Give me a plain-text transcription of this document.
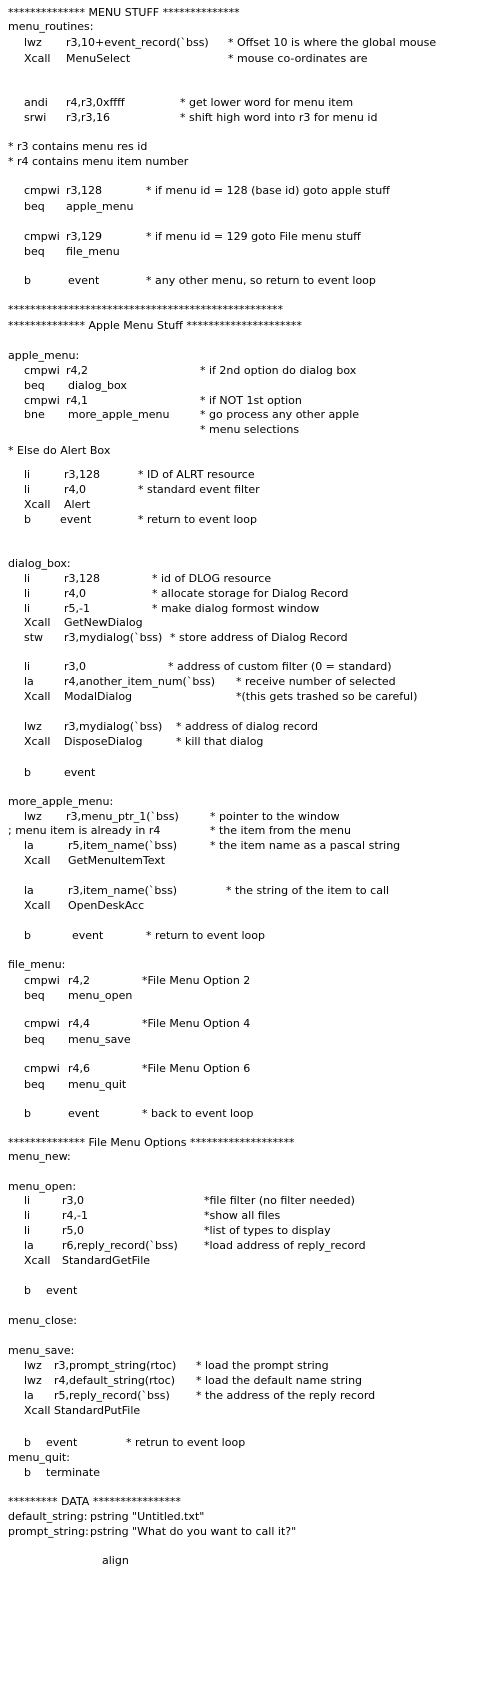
************** MENU STUFF **************
menu_routines:
lwz r3,10+event_record(`bss) * Offset 10 is where the global mouse
Xcall MenuSelect	* mouse co-ordinates are
andi r4,r3,0xffff	* get lower word for menu item
srwi r3,r3,16	* shift high word into r3 for menu id
* r3 contains menu res id
* r4 contains menu item number
cmpwi r3,128	* if menu id = 128 (base id) goto apple stuff
beq apple_menu
cmpwi r3,129	* if menu id = 129 goto File menu stuff
beq file_menu
b	event	* any other menu, so return to event loop
**************************************************
************** Apple Menu Stuff *********************
apple_menu:
cmpwi r4,2	* if 2nd option do dialog box
beq dialog_box
cmpwi r4,1	* if NOT 1st option
bne more_apple_menu	* go process any other apple
* menu selections
* Else do Alert Box
li	r3,128	* ID of ALRT resource
li	r4,0	* standard event filter
Xcall Alert
b	event	* return to event loop
dialog_box:
li	r3,128	* id of DLOG resource
li	r4,0	* allocate storage for Dialog Record
li	r5,-1	* make dialog formost window
Xcall GetNewDialog
stw r3,mydialog(`bss) * store address of Dialog Record
li	r3,0	* address of custom filter (0 = standard)
la	r4,another_item_num(`bss) * receive number of selected
Xcall ModalDialog	*(this gets trashed so be careful)
lwz r3,mydialog(`bss) * address of dialog record
Xcall DisposeDialog	* kill that dialog
b	event
more_apple_menu:
lwz r3,menu_ptr_1(`bss)	* pointer to the window
; menu item is already in r4	* the item from the menu
la	r5,item_name(`bss)	* the item name as a pascal string
Xcall GetMenuItemText
la	r3,item_name(`bss)	* the string of the item to call
Xcall OpenDeskAcc
b	event	* return to event loop
file_menu:
cmpwi r4,2	*File Menu Option 2
beq menu_open
cmpwi r4,4	*File Menu Option 4
beq menu_save
cmpwi r4,6	*File Menu Option 6
beq menu_quit
b	event	* back to event loop
************** File Menu Options *******************
menu_new:
menu_open:
li	r3,0	*file filter (no filter needed)
li	r4,-1	*show all files
li	r5,0	*list of types to display
la	r6,reply_record(`bss) *load address of reply_record
Xcall StandardGetFile
b event
menu_close:
menu_save:
lwz r3,prompt_string(rtoc) * load the prompt string
lwz r4,default_string(rtoc) * load the default name string
la r5,reply_record(`bss) * the address of the reply record
Xcall StandardPutFile
b event	* retrun to event loop
menu_quit:
b terminate
********* DATA ****************
default_string: pstring "Untitled.txt"
prompt_string: pstring "What do you want to call it?"
align
